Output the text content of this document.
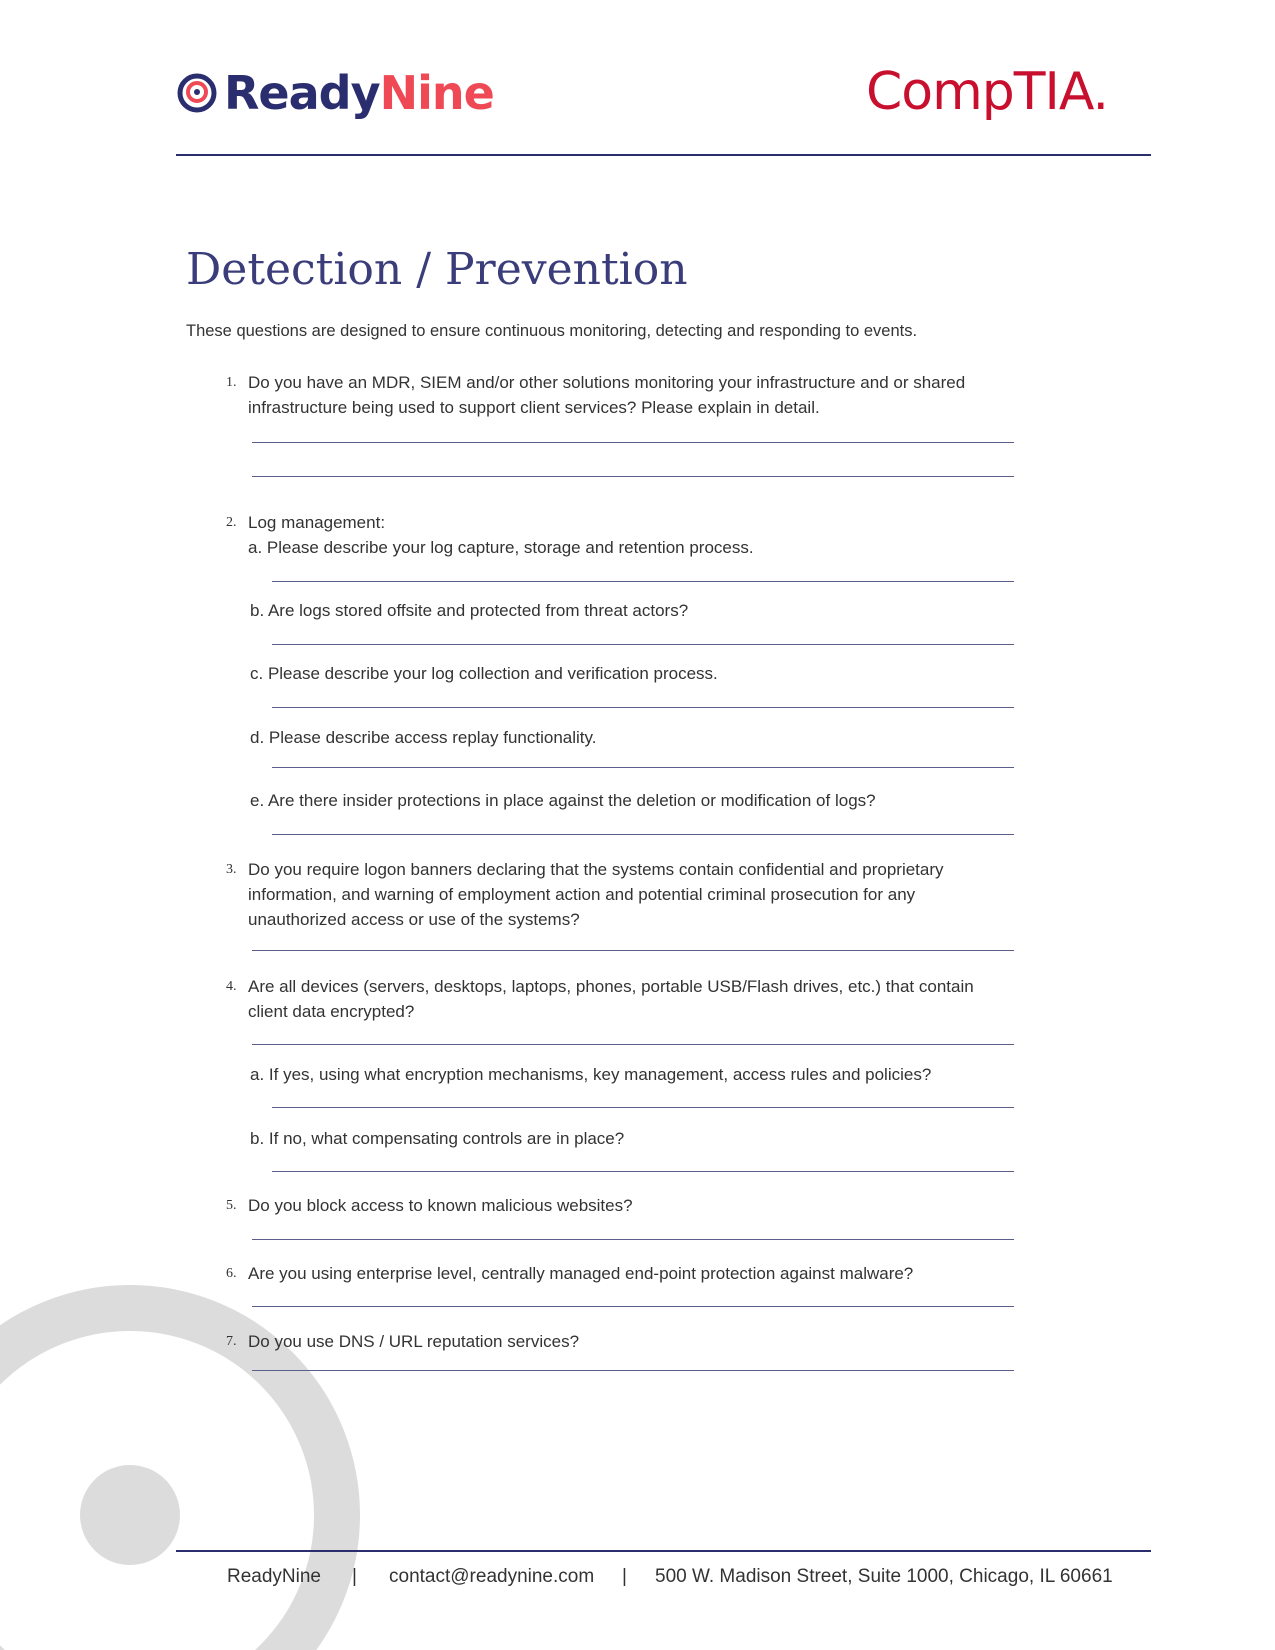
Ready Nine	CompTIA.
Detection / Prevention
These questions are designed to ensure continuous monitoring, detecting and responding to events.
1. Do you have an MDR, SIEM and/or other solutions monitoring your infrastructure and or shared infrastructure being used to support client services? Please explain in detail.
2. Log management:
a. Please describe your log capture, storage and retention process.
b. Are logs stored offsite and protected from threat actors?
c. Please describe your log collection and verification process.
d. Please describe access replay functionality.
e. Are there insider protections in place against the deletion or modification of logs?
3. Do you require logon banners declaring that the systems contain confidential and proprietary information, and warning of employment action and potential criminal prosecution for any unauthorized access or use of the systems?
4. Are all devices (servers, desktops, laptops, phones, portable USB/Flash drives, etc.) that contain client data encrypted?
a. If yes, using what encryption mechanisms, key management, access rules and policies?
b. If no, what compensating controls are in place?
5. Do you block access to known malicious websites?
6. Are you using enterprise level, centrally managed end-point protection against malware?
7. Do you use DNS / URL reputation services?
ReadyNine | contact@readynine.com | 500 W. Madison Street, Suite 1000, Chicago, IL 60661
